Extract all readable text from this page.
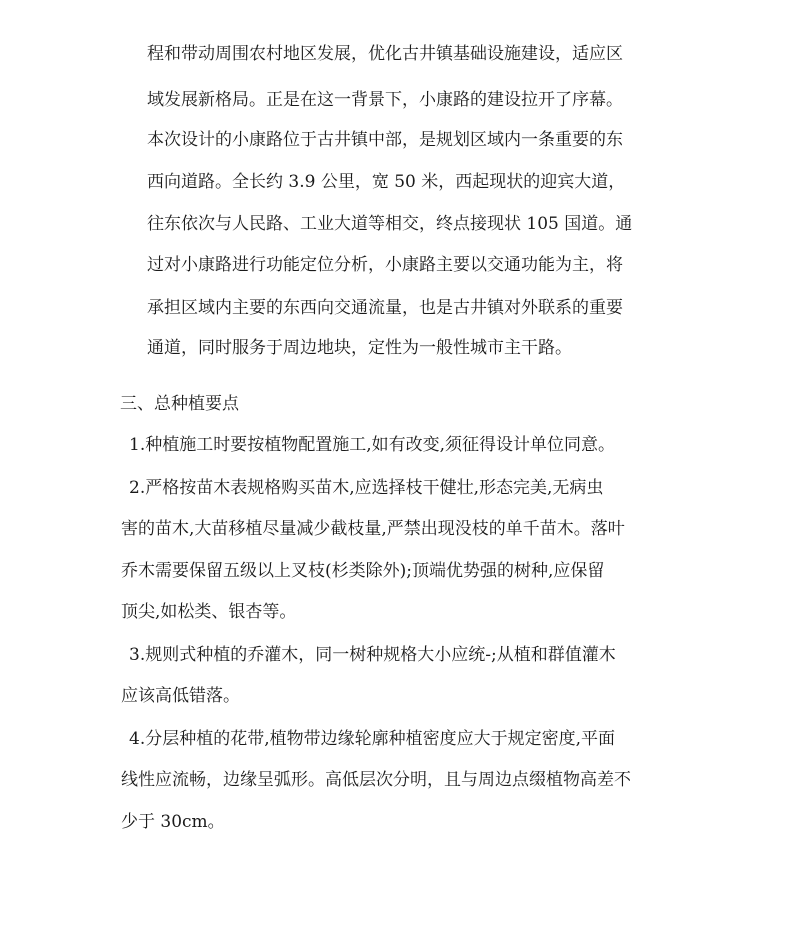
程和带动周围农村地区发展，优化古井镇基础设施建设，适应区

域发展新格局。正是在这一背景下，小康路的建设拉开了序幕。

本次设计的小康路位于古井镇中部，是规划区域内一条重要的东

西向道路。全长约 3.9 公里，宽 50 米，西起现状的迎宾大道，

往东依次与人民路、工业大道等相交，终点接现状 105 国道。通

过对小康路进行功能定位分析，小康路主要以交通功能为主，将

承担区域内主要的东西向交通流量，也是古井镇对外联系的重要

通道，同时服务于周边地块，定性为一般性城市主干路。

三、总种植要点

1.种植施工时要按植物配置施工,如有改变,须征得设计单位同意。

2.严格按苗木表规格购买苗木,应选择枝干健壮,形态完美,无病虫

害的苗木,大苗移植尽量减少截枝量,严禁出现没枝的单千苗木。落叶

乔木需要保留五级以上叉枝(杉类除外);顶端优势强的树种,应保留

顶尖,如松类、银杏等。

3.规则式种植的乔灌木，同一树种规格大小应统-;从植和群值灌木

应该高低错落。

4.分层种植的花带,植物带边缘轮廓种植密度应大于规定密度,平面

线性应流畅，边缘呈弧形。高低层次分明，且与周边点缀植物高差不

少于 30cm。
